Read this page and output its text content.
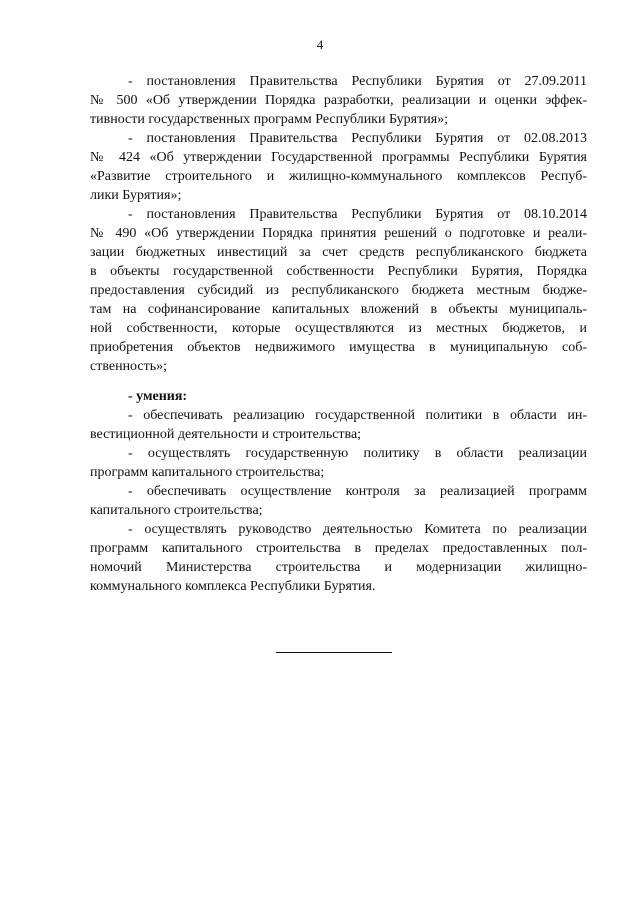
4
- постановления Правительства Республики Бурятия от 27.09.2011
№ 500 «Об утверждении Порядка разработки, реализации и оценки эффек-
тивности государственных программ Республики Бурятия»;
- постановления Правительства Республики Бурятия от 02.08.2013
№ 424 «Об утверждении Государственной программы Республики Бурятия
«Развитие строительного и жилищно-коммунального комплексов Респуб-
лики Бурятия»;
- постановления Правительства Республики Бурятия от 08.10.2014
№ 490 «Об утверждении Порядка принятия решений о подготовке и реали-
зации бюджетных инвестиций за счет средств республиканского бюджета
в объекты государственной собственности Республики Бурятия, Порядка
предоставления субсидий из республиканского бюджета местным бюдже-
там на софинансирование капитальных вложений в объекты муниципаль-
ной собственности, которые осуществляются из местных бюджетов, и
приобретения объектов недвижимого имущества в муниципальную соб-
ственность»;
- умения:
- обеспечивать реализацию государственной политики в области ин-
вестиционной деятельности и строительства;
- осуществлять государственную политику в области реализации
программ капитального строительства;
- обеспечивать осуществление контроля за реализацией программ
капитального строительства;
- осуществлять руководство деятельностью Комитета по реализации
программ капитального строительства в пределах предоставленных пол-
номочий Министерства строительства и модернизации жилищно-
коммунального комплекса Республики Бурятия.
